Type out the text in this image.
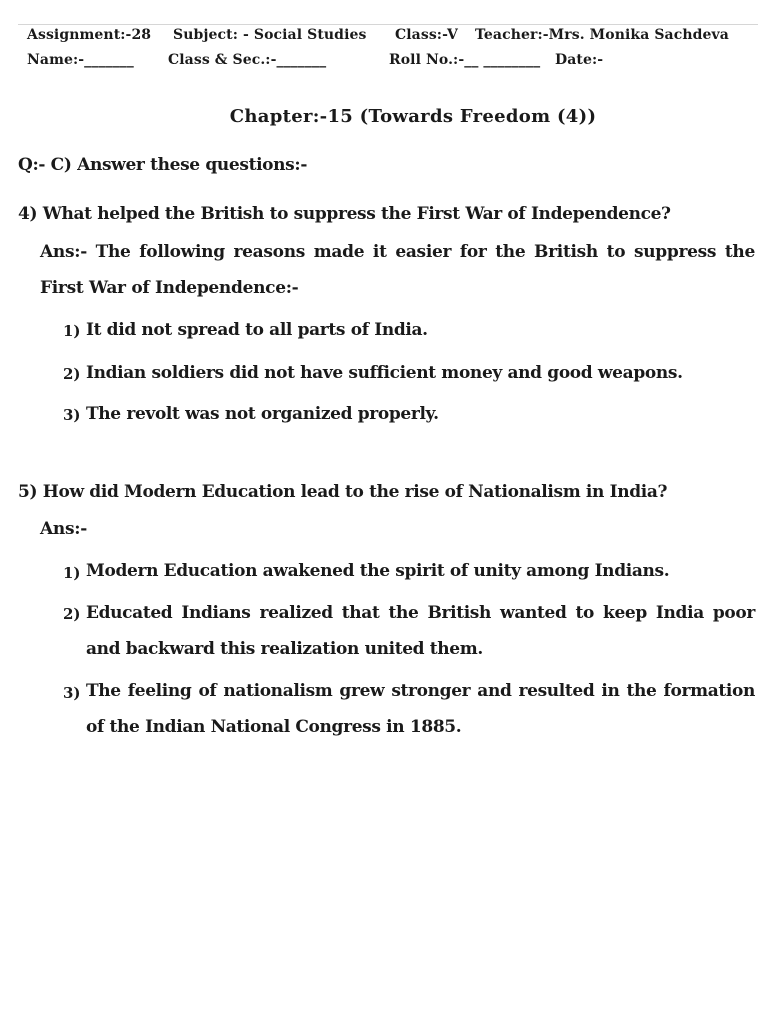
Assignment:-28 Subject: - Social Studies Class:-V Teacher:-Mrs. Monika Sachdeva
Name:-_______ Class & Sec.:-_______	Roll No.:-__ ________ Date:-
Chapter:-15 (Towards Freedom (4))
Q:- C) Answer these questions:-
4) What helped the British to suppress the First War of Independence?
Ans:- The following reasons made it easier for the British to suppress the First War of Independence:-
1) It did not spread to all parts of India.
2) Indian soldiers did not have sufficient money and good weapons.
3) The revolt was not organized properly.
5) How did Modern Education lead to the rise of Nationalism in India?
Ans:-
1) Modern Education awakened the spirit of unity among Indians.
2) Educated Indians realized that the British wanted to keep India poor and backward this realization united them.
3) The feeling of nationalism grew stronger and resulted in the formation of the Indian National Congress in 1885.
